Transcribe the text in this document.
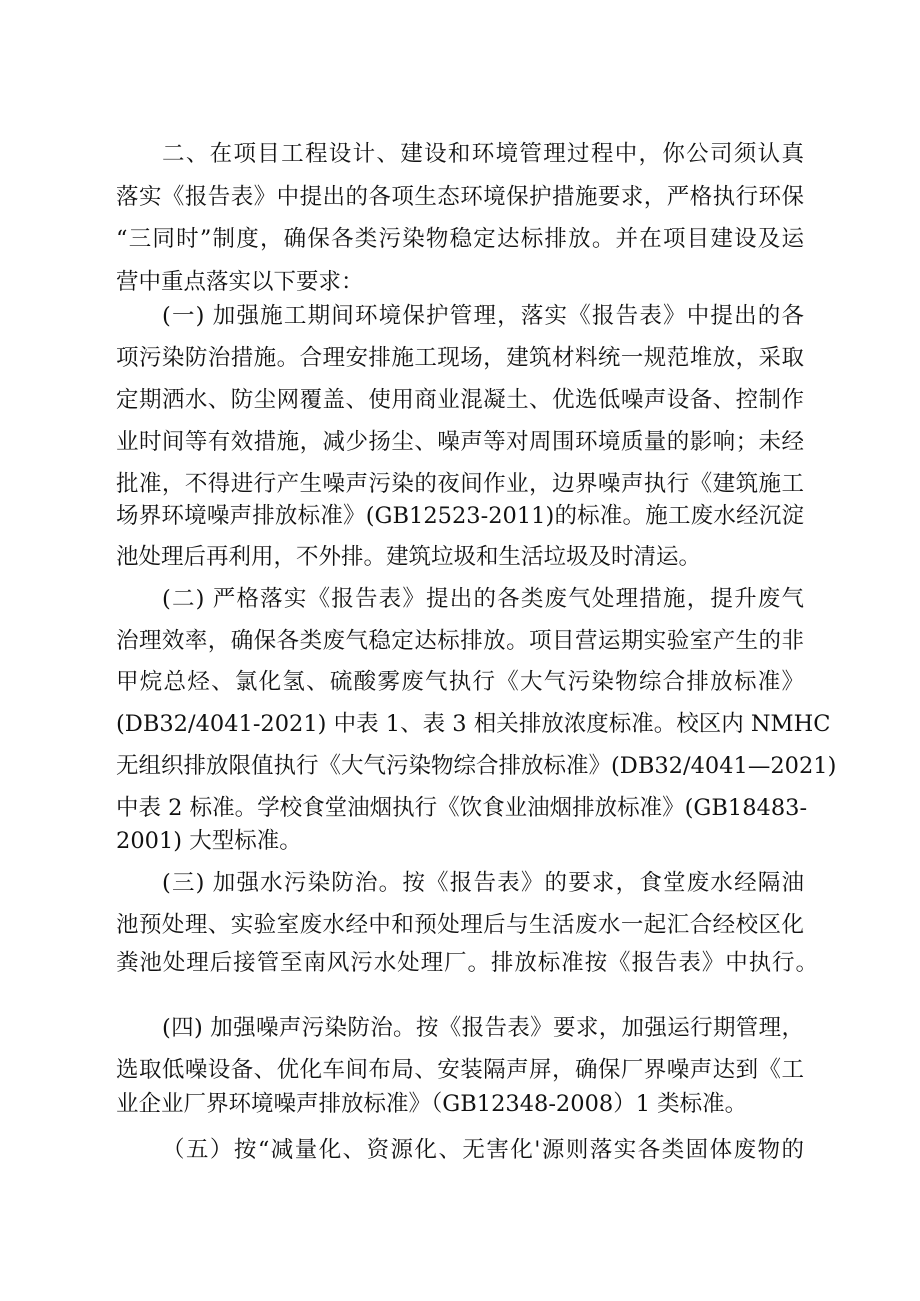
二、在项目工程设计、建设和环境管理过程中，你公司须认真
落实《报告表》中提出的各项生态环境保护措施要求，严格执行环保
“三同时”制度，确保各类污染物稳定达标排放。并在项目建设及运
营中重点落实以下要求：
(一) 加强施工期间环境保护管理，落实《报告表》中提出的各
项污染防治措施。合理安排施工现场，建筑材料统一规范堆放，采取
定期洒水、防尘网覆盖、使用商业混凝土、优选低噪声设备、控制作
业时间等有效措施，减少扬尘、噪声等对周围环境质量的影响；未经
批准，不得进行产生噪声污染的夜间作业，边界噪声执行《建筑施工
场界环境噪声排放标准》(GB12523-2011)的标准。施工废水经沉淀
池处理后再利用，不外排。建筑垃圾和生活垃圾及时清运。
(二) 严格落实《报告表》提出的各类废气处理措施，提升废气
治理效率，确保各类废气稳定达标排放。项目营运期实验室产生的非
甲烷总烃、氯化氢、硫酸雾废气执行《大气污染物综合排放标准》
(DB32/4041-2021) 中表 1、表 3 相关排放浓度标准。校区内 NMHC
无组织排放限值执行《大气污染物综合排放标准》(DB32/4041—2021)
中表 2 标准。学校食堂油烟执行《饮食业油烟排放标准》(GB18483-
2001) 大型标准。
(三) 加强水污染防治。按《报告表》的要求，食堂废水经隔油
池预处理、实验室废水经中和预处理后与生活废水一起汇合经校区化
粪池处理后接管至南风污水处理厂。排放标准按《报告表》中执行。
(四) 加强噪声污染防治。按《报告表》要求，加强运行期管理，
选取低噪设备、优化车间布局、安装隔声屏，确保厂界噪声达到《工
业企业厂界环境噪声排放标准》（GB12348-2008）1 类标准。
（五）按“减量化、资源化、无害化'源则落实各类固体废物的
